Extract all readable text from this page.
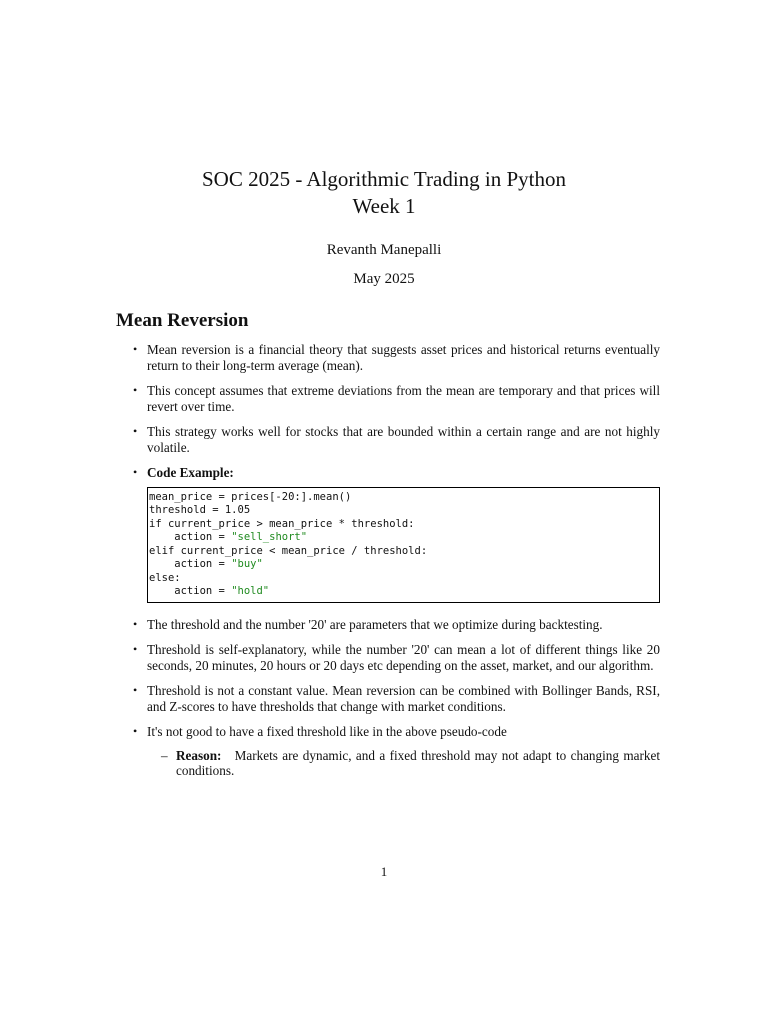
SOC 2025 - Algorithmic Trading in Python
Week 1
Revanth Manepalli
May 2025
Mean Reversion
• Mean reversion is a financial theory that suggests asset prices and historical returns eventually return to their long-term average (mean).
• This concept assumes that extreme deviations from the mean are temporary and that prices will revert over time.
• This strategy works well for stocks that are bounded within a certain range and are not highly volatile.
• Code Example:
mean_price = prices[-20:].mean()
threshold = 1.05
if current_price > mean_price * threshold:
action = "sell_short"
elif current_price < mean_price / threshold:
action = "buy"
else:
action = "hold"
• The threshold and the number '20' are parameters that we optimize during backtesting.
• Threshold is self-explanatory, while the number '20' can mean a lot of different things like 20 seconds, 20 minutes, 20 hours or 20 days etc depending on the asset, market, and our algorithm.
• Threshold is not a constant value. Mean reversion can be combined with Bollinger Bands, RSI, and Z-scores to have thresholds that change with market conditions.
• It's not good to have a fixed threshold like in the above pseudo-code
– Reason: Markets are dynamic, and a fixed threshold may not adapt to changing market conditions.
1
